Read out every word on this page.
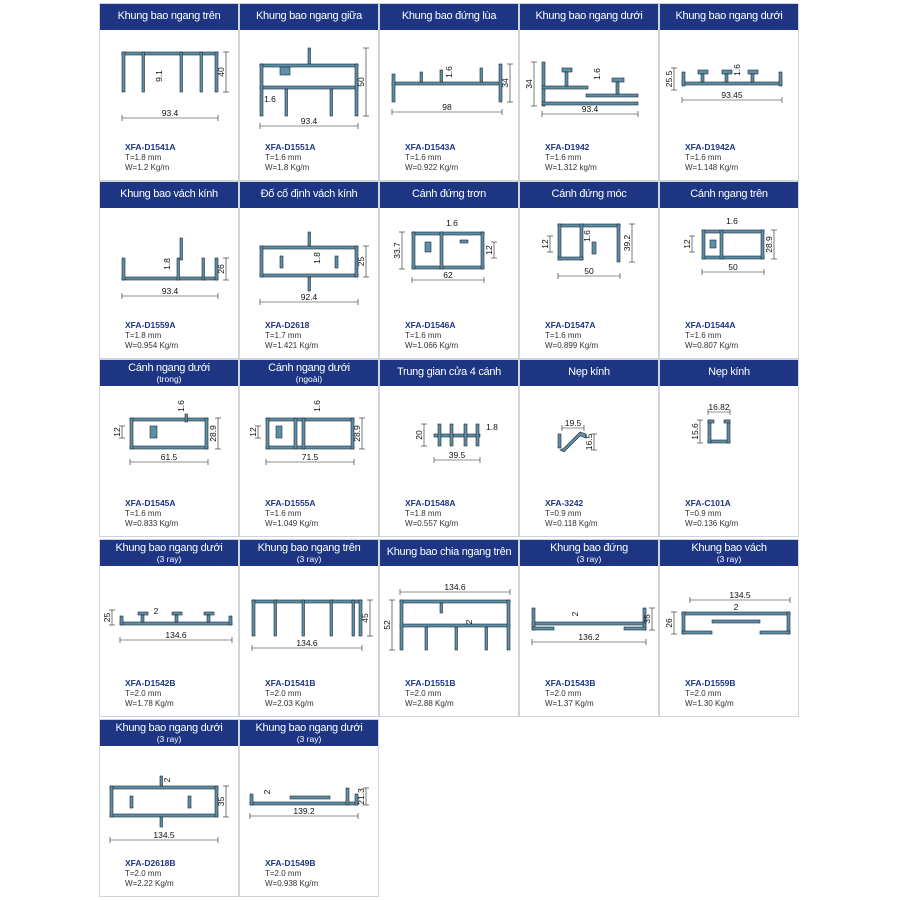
Khung bao ngang trên
9.1	40
93.4
XFA-D1541A
T=1.8 mm
W=1.2 Kg/m
Khung bao ngang giữa
1.6
50
93.4
XFA-D1551A
T=1.6 mm
W=1.8 Kg/m
Khung bao đứng lùa
1.6
34
98
XFA-D1543A
T=1.6 mm
W=0.922 Kg/m
Khung bao ngang dưới
1.6
34
93.4
XFA-D1942
T=1.6 mm
W=1.312 kg/m
Khung bao ngang dưới
1.6
25.5
93.45
XFA-D1942A
T=1.6 mm
W=1.148 Kg/m
Khung bao vách kính
1.8	26
93.4
XFA-D1559A
T=1.8 mm
W=0.954 Kg/m
Đố cố định vách kính
1.8	25
92.4
XFA-D2618
T=1.7 mm
W=1.421 Kg/m
Cánh đứng trơn
33.7
1.6
12
62
XFA-D1546A
T=1.6 mm
W=1.066 Kg/m
Cánh đứng móc
12
1.6	39.2
50
XFA-D1547A
T=1.6 mm
W=0.899 Kg/m
Cánh ngang trên
12
1.6
28.9
50
XFA-D1544A
T=1.6 mm
W=0.807 Kg/m
Cánh ngang dưới
(trong)
12
1.6
28.9
61.5
XFA-D1545A
T=1.6 mm
W=0.833 Kg/m
Cánh ngang dưới
(ngoài)
12
1.6
28.9
71.5
XFA-D1555A
T=1.6 mm
W=1.049 Kg/m
Trung gian cửa 4 cánh
20
1.8
39.5
XFA-D1548A
T=1.8 mm
W=0.557 Kg/m
Nẹp kính
19.5
16.5
XFA-3242
T=0.9 mm
W=0.118 Kg/m
Nẹp kính
16.82
15.6
XFA-C101A
T=0.9 mm
W=0.136 Kg/m
Khung bao ngang dưới
(3 ray)
25
2
134.6
XFA-D1542B
T=2.0 mm
W=1.78 Kg/m
Khung bao ngang trên
(3 ray)
45
134.6
XFA-D1541B
T=2.0 mm
W=2.03 Kg/m
Khung bao chia ngang trên
134.6
52	2
XFA-D1551B
T=2.0 mm
W=2.88 Kg/m
Khung bao đứng
(3 ray)
2
35
136.2
XFA-D1543B
T=2.0 mm
W=1.37 Kg/m
Khung bao vách
(3 ray)
134.5
26
2
XFA-D1559B
T=2.0 mm
W=1.30 Kg/m
Khung bao ngang dưới
(3 ray)
35
2
134.5
XFA-D2618B
T=2.0 mm
W=2.22 Kg/m
Khung bao ngang dưới
(3 ray)
2	21.3
139.2
XFA-D1549B
T=2.0 mm
W=0.938 Kg/m
